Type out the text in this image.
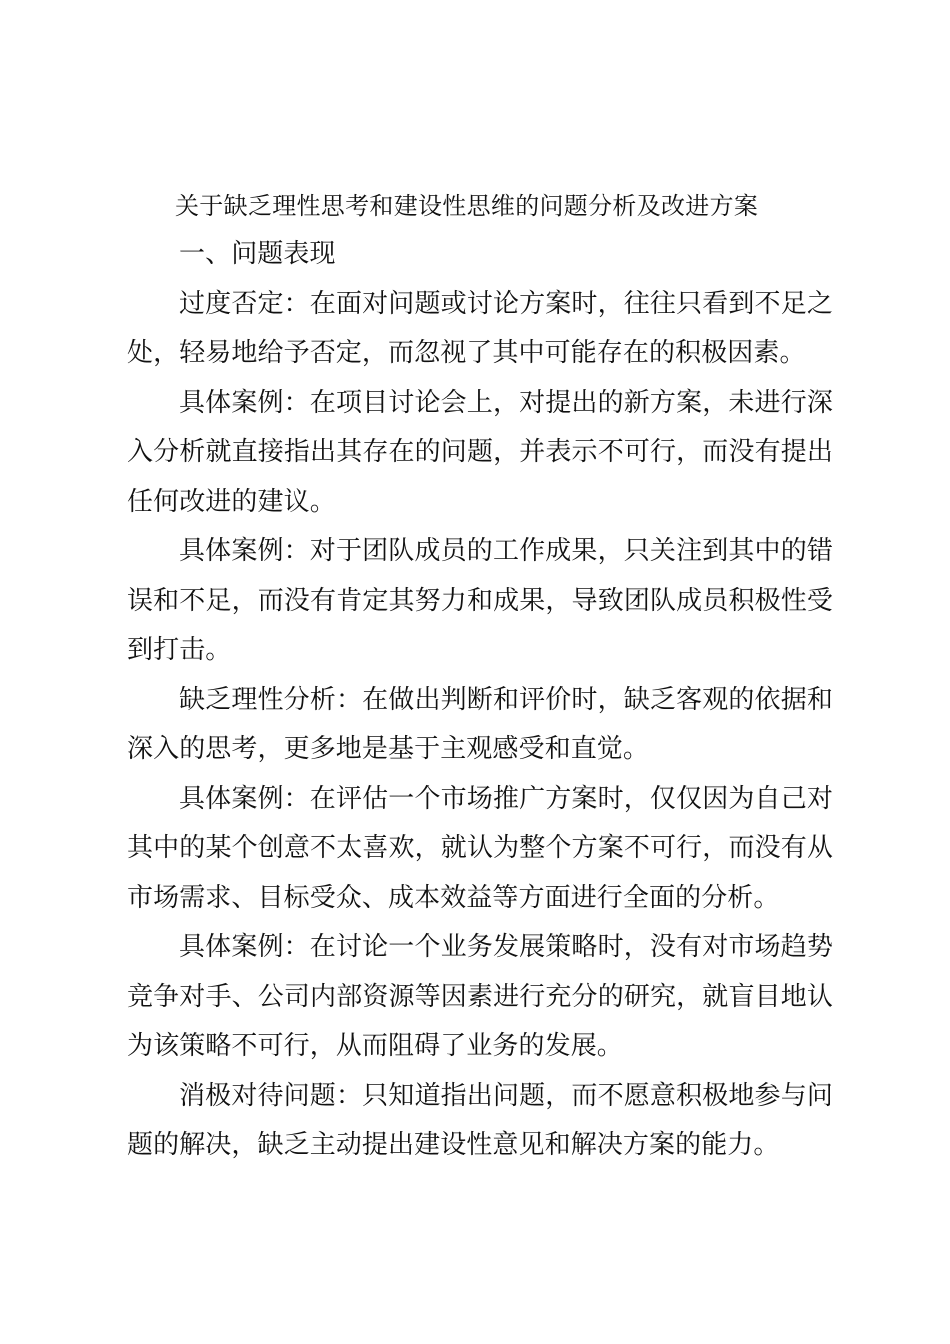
关于缺乏理性思考和建设性思维的问题分析及改进方案

一、问题表现

过度否定：在面对问题或讨论方案时，往往只看到不足之处，轻易地给予否定，而忽视了其中可能存在的积极因素。

具体案例：在项目讨论会上，对提出的新方案，未进行深入分析就直接指出其存在的问题，并表示不可行，而没有提出任何改进的建议。

具体案例：对于团队成员的工作成果，只关注到其中的错误和不足，而没有肯定其努力和成果，导致团队成员积极性受到打击。

缺乏理性分析：在做出判断和评价时，缺乏客观的依据和深入的思考，更多地是基于主观感受和直觉。

具体案例：在评估一个市场推广方案时，仅仅因为自己对其中的某个创意不太喜欢，就认为整个方案不可行，而没有从市场需求、目标受众、成本效益等方面进行全面的分析。

具体案例：在讨论一个业务发展策略时，没有对市场趋势竞争对手、公司内部资源等因素进行充分的研究，就盲目地认为该策略不可行，从而阻碍了业务的发展。

消极对待问题：只知道指出问题，而不愿意积极地参与问题的解决，缺乏主动提出建设性意见和解决方案的能力。
